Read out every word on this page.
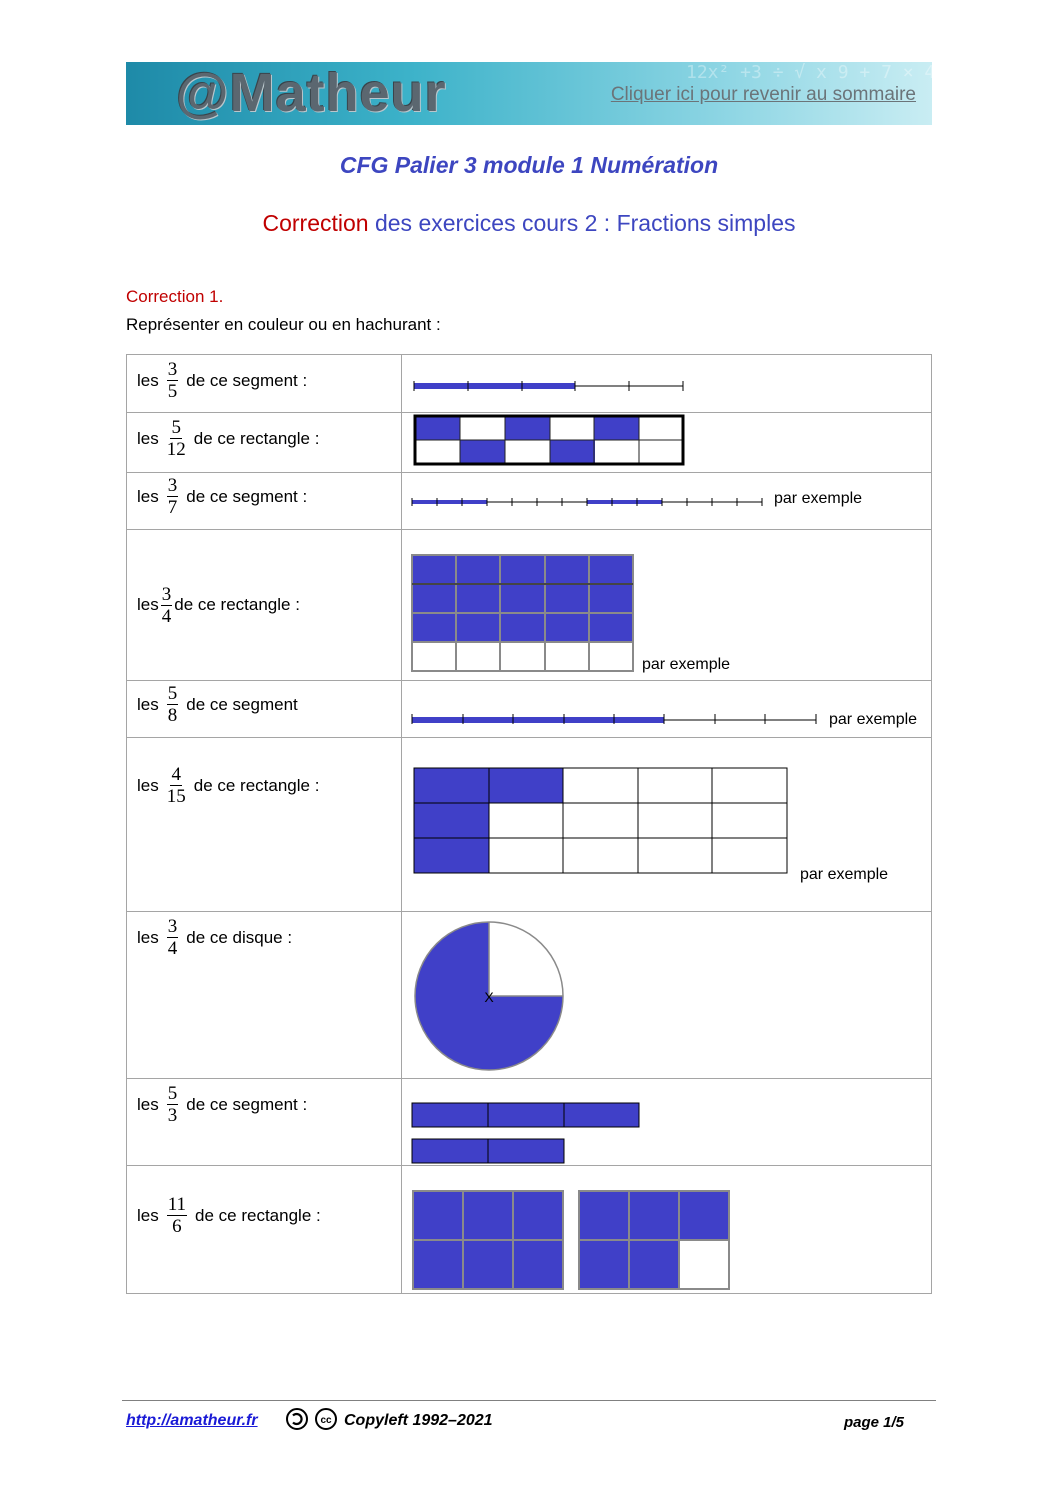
12x² +3 ÷ √ x 9 + 7 × 4 = 5 ≠ 24
@Matheur	Cliquer ici pour revenir au sommaire
CFG Palier 3 module 1 Numération
Correction des exercices cours 2 : Fractions simples
Correction 1.
Représenter en couleur ou en hachurant :
les $\frac{3}{5}$ de ce segment :

les $\frac{5}{12}$ de ce rectangle :

les $\frac{3}{7}$ de ce segment :	par exemple

les $\frac{3}{4}$ de ce rectangle :	par exemple

les $\frac{5}{8}$ de ce segment	par exemple

les $\frac{4}{15}$ de ce rectangle :	par exemple

les $\frac{3}{4}$ de ce disque :	X

les $\frac{5}{3}$ de ce segment :

les $\frac{11}{6}$ de ce rectangle :

http://amatheur.fr	cc Copyleft 1992–2021	page 1/5
